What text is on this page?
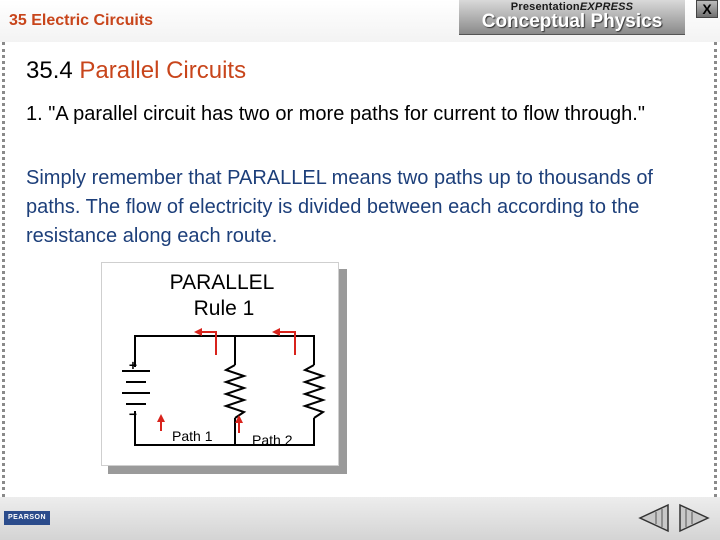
35 Electric Circuits
PresentationEXPRESS
Conceptual Physics
X
35.4 Parallel Circuits
1. "A parallel circuit has two or more paths for current to flow through."
Simply remember that PARALLEL means two paths up to thousands of paths. The flow of electricity is divided between each according to the resistance along each route.
PARALLEL
Rule 1
+
−
Path 1	Path 2
PEARSON
